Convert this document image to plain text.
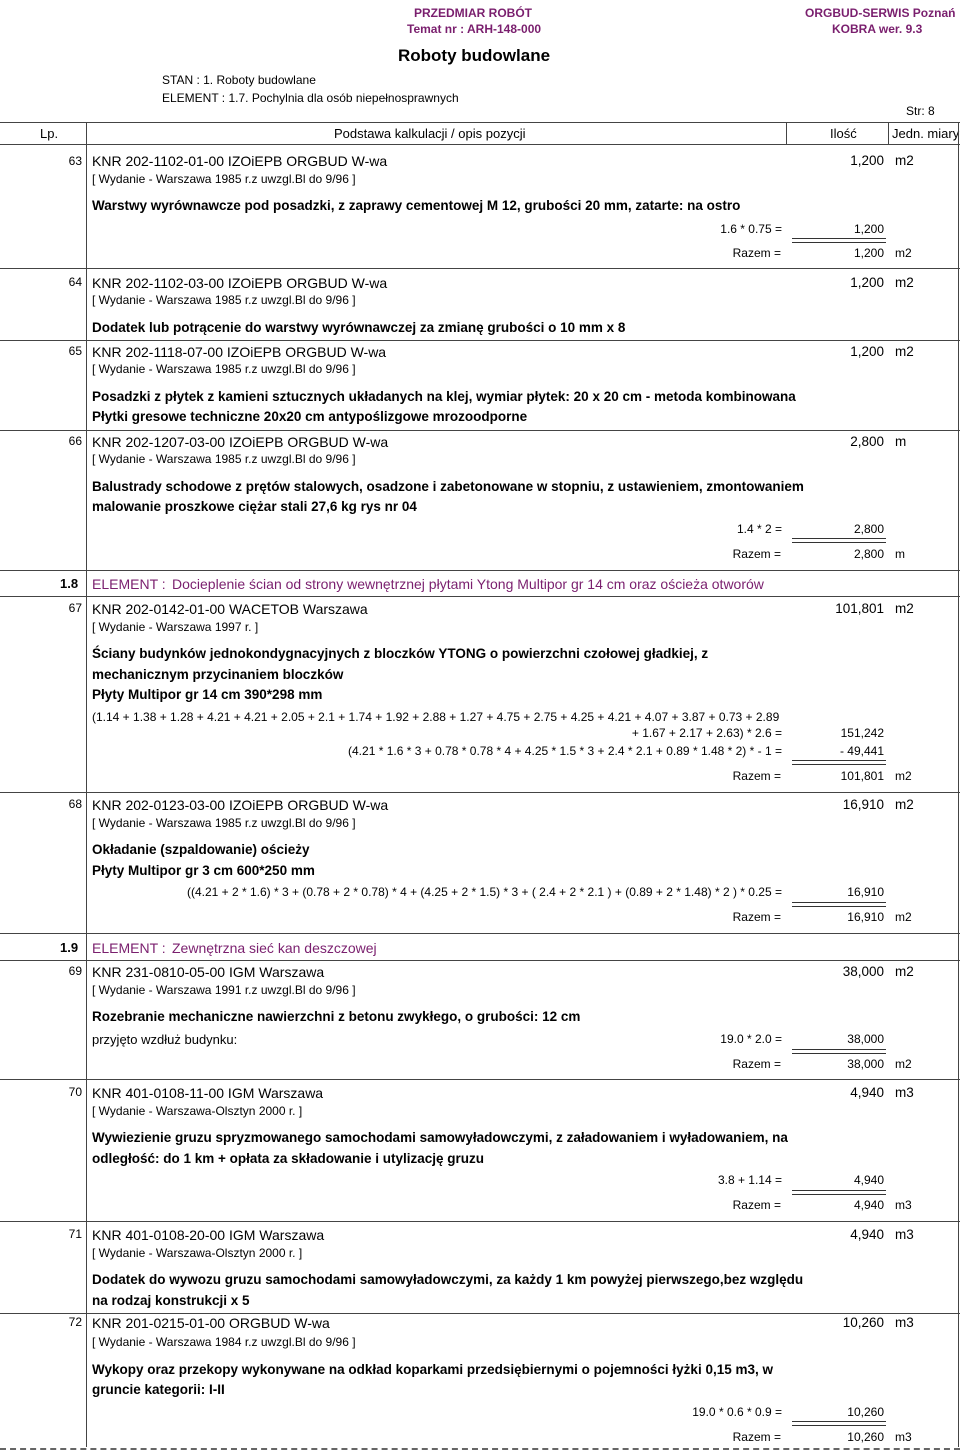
PRZEDMIAR ROBÓT
Temat nr : ARH-148-000
ORGBUD-SERWIS Poznań
KOBRA wer. 9.3
Roboty budowlane
STAN : 1. Roboty budowlane
ELEMENT : 1.7. Pochylnia dla osób niepełnosprawnych
Str: 8
Lp.	Podstawa kalkulacji / opis pozycji	Ilość	Jedn. miary
63 KNR 202-1102-01-00 IZOiEPB ORGBUD W-wa
[ Wydanie - Warszawa 1985 r.z uwzgl.Bl do 9/96 ]
1,200 m2
Warstwy wyrównawcze pod posadzki, z zaprawy cementowej M 12, grubości 20 mm, zatarte: na ostro
1.6 * 0.75 =	1,200
Razem =	1,200 m2
64 KNR 202-1102-03-00 IZOiEPB ORGBUD W-wa
[ Wydanie - Warszawa 1985 r.z uwzgl.Bl do 9/96 ]
1,200 m2
Dodatek lub potrącenie do warstwy wyrównawczej za zmianę grubości o 10 mm x 8
65 KNR 202-1118-07-00 IZOiEPB ORGBUD W-wa
[ Wydanie - Warszawa 1985 r.z uwzgl.Bl do 9/96 ]
1,200 m2
Posadzki z płytek z kamieni sztucznych układanych na klej, wymiar płytek: 20 x 20 cm - metoda kombinowana
Płytki gresowe techniczne 20x20 cm antypoślizgowe mrozoodporne
66 KNR 202-1207-03-00 IZOiEPB ORGBUD W-wa
[ Wydanie - Warszawa 1985 r.z uwzgl.Bl do 9/96 ]
2,800 m
Balustrady schodowe z prętów stalowych, osadzone i zabetonowane w stopniu, z ustawieniem, zmontowaniem
malowanie proszkowe ciężar stali 27,6 kg rys nr 04
1.4 * 2 =	2,800
Razem =	2,800 m
1.8 ELEMENT : Docieplenie ścian od strony wewnętrznej płytami Ytong Multipor gr 14 cm oraz ościeża otworów
67 KNR 202-0142-01-00 WACETOB Warszawa
[ Wydanie - Warszawa 1997 r. ]
101,801 m2
Ściany budynków jednokondygnacyjnych z bloczków YTONG o powierzchni czołowej gładkiej, z
mechanicznym przycinaniem bloczków
Płyty Multipor gr 14 cm 390*298 mm
(1.14 + 1.38 + 1.28 + 4.21 + 4.21 + 2.05 + 2.1 + 1.74 + 1.92 + 2.88 + 1.27 + 4.75 + 2.75 + 4.25 + 4.21 + 4.07 + 3.87 + 0.73 + 2.89
+ 1.67 + 2.17 + 2.63) * 2.6 =	151,242
(4.21 * 1.6 * 3 + 0.78 * 0.78 * 4 + 4.25 * 1.5 * 3 + 2.4 * 2.1 + 0.89 * 1.48 * 2) * - 1 =	- 49,441
Razem =	101,801 m2
68 KNR 202-0123-03-00 IZOiEPB ORGBUD W-wa
[ Wydanie - Warszawa 1985 r.z uwzgl.Bl do 9/96 ]
16,910 m2
Okładanie (szpaldowanie) ościeży
Płyty Multipor gr 3 cm 600*250 mm
((4.21 + 2 * 1.6) * 3 + (0.78 + 2 * 0.78) * 4 + (4.25 + 2 * 1.5) * 3 + ( 2.4 + 2 * 2.1 ) + (0.89 + 2 * 1.48) * 2 ) * 0.25 =	16,910
Razem =	16,910 m2
1.9 ELEMENT : Zewnętrzna sieć kan deszczowej
69 KNR 231-0810-05-00 IGM Warszawa
[ Wydanie - Warszawa 1991 r.z uwzgl.Bl do 9/96 ]
38,000 m2
Rozebranie mechaniczne nawierzchni z betonu zwykłego, o grubości: 12 cm
przyjęto wzdłuż budynku:	19.0 * 2.0 =	38,000
Razem =	38,000 m2
70 KNR 401-0108-11-00 IGM Warszawa
[ Wydanie - Warszawa-Olsztyn 2000 r. ]
4,940 m3
Wywiezienie gruzu spryzmowanego samochodami samowyładowczymi, z załadowaniem i wyładowaniem, na
odległość: do 1 km + opłata za składowanie i utylizację gruzu
3.8 + 1.14 =	4,940
Razem =	4,940 m3
71 KNR 401-0108-20-00 IGM Warszawa
[ Wydanie - Warszawa-Olsztyn 2000 r. ]
4,940 m3
Dodatek do wywozu gruzu samochodami samowyładowczymi, za każdy 1 km powyżej pierwszego,bez względu
na rodzaj konstrukcji x 5
72 KNR 201-0215-01-00 ORGBUD W-wa
[ Wydanie - Warszawa 1984 r.z uwzgl.Bl do 9/96 ]
10,260 m3
Wykopy oraz przekopy wykonywane na odkład koparkami przedsiębiernymi o pojemności łyżki 0,15 m3, w
gruncie kategorii: I-II
19.0 * 0.6 * 0.9 =	10,260
Razem =	10,260 m3
